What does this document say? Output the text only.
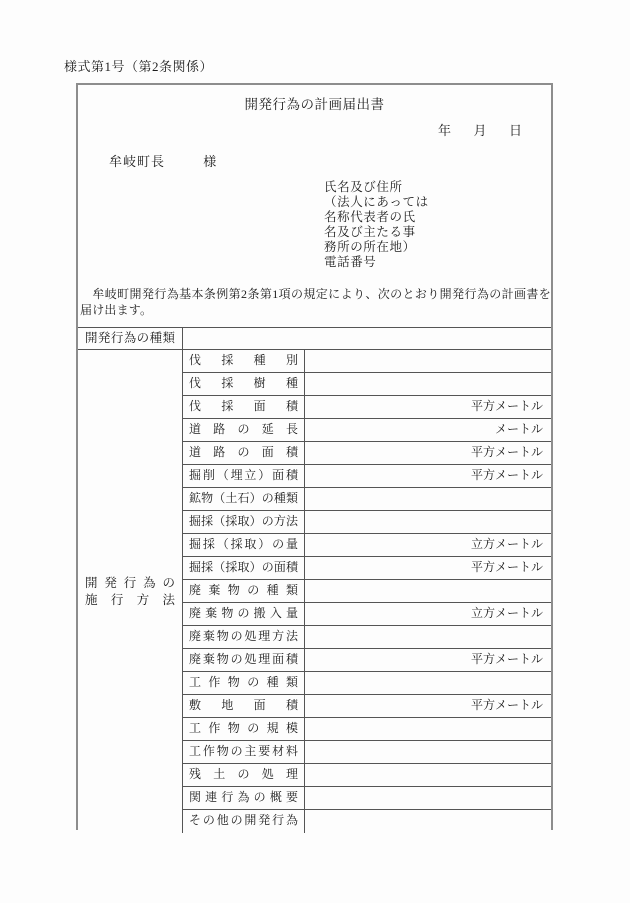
様式第1号（第2条関係）
開発行為の計画届出書
年 月 日
牟岐町長	様
氏名及び住所
（法人にあっては
名称代表者の氏
名及び主たる事
務所の所在地）
電話番号
　牟岐町開発行為基本条例第2条第1項の規定により、次のとおり開発行為の計画書を届け出ます。
開発行為の種類
開発行為の
施行方法
伐採種別
伐採樹種
伐採面積	平方メートル
道路の延長	メートル
道路の面積	平方メートル
掘削（埋立）面積	平方メートル
鉱物（土石）の種類
掘採（採取）の方法
掘採（採取）の量	立方メートル
掘採（採取）の面積	平方メートル
廃棄物の種類
廃棄物の搬入量	立方メートル
廃棄物の処理方法
廃棄物の処理面積	平方メートル
工作物の種類
敷地面積	平方メートル
工作物の規模
工作物の主要材料
残土の処理
関連行為の概要
その他の開発行為
